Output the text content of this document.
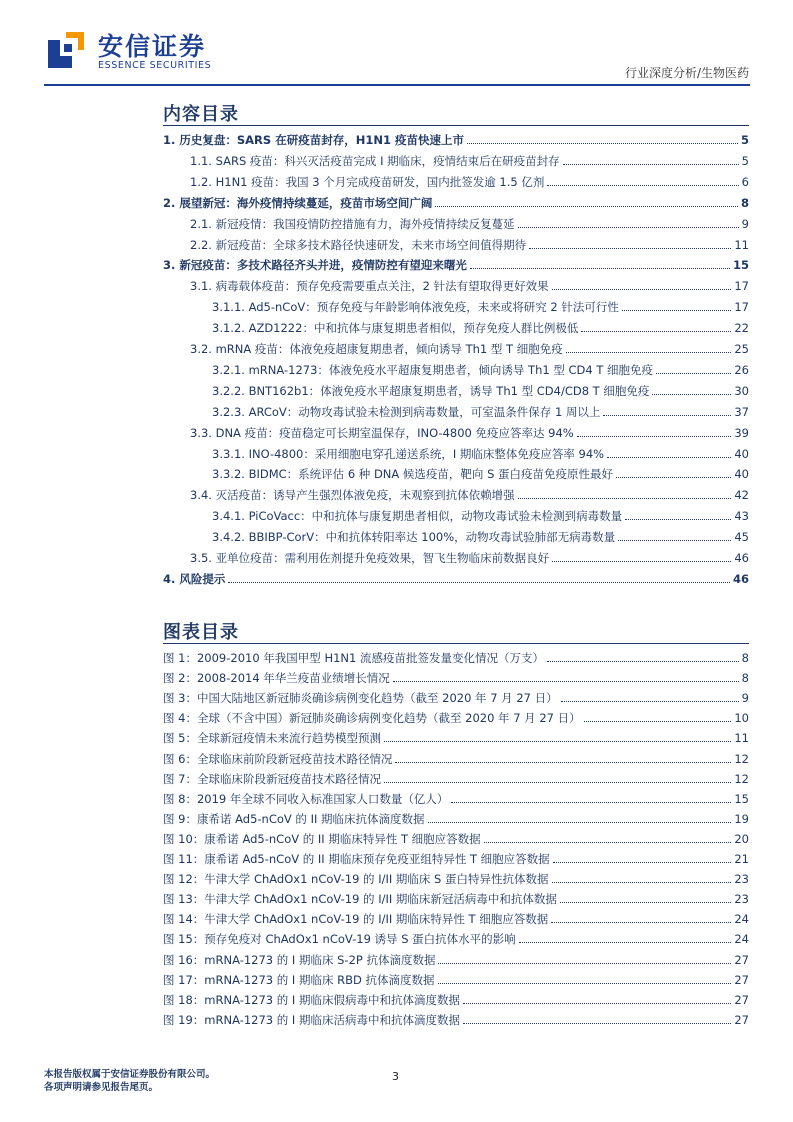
安信证券
ESSENCE SECURITIES
行业深度分析/生物医药
内容目录
1. 历史复盘：SARS 在研疫苗封存，H1N1 疫苗快速上市	5
1.1. SARS 疫苗：科兴灭活疫苗完成 I 期临床，疫情结束后在研疫苗封存	5
1.2. H1N1 疫苗：我国 3 个月完成疫苗研发，国内批签发逾 1.5 亿剂	6
2. 展望新冠：海外疫情持续蔓延，疫苗市场空间广阔	8
2.1. 新冠疫情：我国疫情防控措施有力，海外疫情持续反复蔓延	9
2.2. 新冠疫苗：全球多技术路径快速研发，未来市场空间值得期待	11
3. 新冠疫苗：多技术路径齐头并进，疫情防控有望迎来曙光	15
3.1. 病毒载体疫苗：预存免疫需要重点关注，2 针法有望取得更好效果	17
3.1.1. Ad5-nCoV：预存免疫与年龄影响体液免疫，未来或将研究 2 针法可行性	17
3.1.2. AZD1222：中和抗体与康复期患者相似，预存免疫人群比例极低	22
3.2. mRNA 疫苗：体液免疫超康复期患者，倾向诱导 Th1 型 T 细胞免疫	25
3.2.1. mRNA-1273：体液免疫水平超康复期患者，倾向诱导 Th1 型 CD4 T 细胞免疫	26
3.2.2. BNT162b1：体液免疫水平超康复期患者，诱导 Th1 型 CD4/CD8 T 细胞免疫	30
3.2.3. ARCoV：动物攻毒试验未检测到病毒数量，可室温条件保存 1 周以上	37
3.3. DNA 疫苗：疫苗稳定可长期室温保存，INO-4800 免疫应答率达 94%	39
3.3.1. INO-4800：采用细胞电穿孔递送系统，I 期临床整体免疫应答率 94%	40
3.3.2. BIDMC：系统评估 6 种 DNA 候选疫苗，靶向 S 蛋白疫苗免疫原性最好	40
3.4. 灭活疫苗：诱导产生强烈体液免疫，未观察到抗体依赖增强	42
3.4.1. PiCoVacc：中和抗体与康复期患者相似，动物攻毒试验未检测到病毒数量	43
3.4.2. BBIBP-CorV：中和抗体转阳率达 100%，动物攻毒试验肺部无病毒数量	45
3.5. 亚单位疫苗：需利用佐剂提升免疫效果，智飞生物临床前数据良好	46
4. 风险提示	46
图表目录
图 1：2009-2010 年我国甲型 H1N1 流感疫苗批签发量变化情况（万支）	8
图 2：2008-2014 年华兰疫苗业绩增长情况	8
图 3：中国大陆地区新冠肺炎确诊病例变化趋势（截至 2020 年 7 月 27 日）	9
图 4：全球（不含中国）新冠肺炎确诊病例变化趋势（截至 2020 年 7 月 27 日）	10
图 5：全球新冠疫情未来流行趋势模型预测	11
图 6：全球临床前阶段新冠疫苗技术路径情况	12
图 7：全球临床阶段新冠疫苗技术路径情况	12
图 8：2019 年全球不同收入标准国家人口数量（亿人）	15
图 9：康希诺 Ad5-nCoV 的 II 期临床抗体滴度数据	19
图 10：康希诺 Ad5-nCoV 的 II 期临床特异性 T 细胞应答数据	20
图 11：康希诺 Ad5-nCoV 的 II 期临床预存免疫亚组特异性 T 细胞应答数据	21
图 12：牛津大学 ChAdOx1 nCoV-19 的 I/II 期临床 S 蛋白特异性抗体数据	23
图 13：牛津大学 ChAdOx1 nCoV-19 的 I/II 期临床新冠活病毒中和抗体数据	23
图 14：牛津大学 ChAdOx1 nCoV-19 的 I/II 期临床特异性 T 细胞应答数据	24
图 15：预存免疫对 ChAdOx1 nCoV-19 诱导 S 蛋白抗体水平的影响	24
图 16：mRNA-1273 的 I 期临床 S-2P 抗体滴度数据	27
图 17：mRNA-1273 的 I 期临床 RBD 抗体滴度数据	27
图 18：mRNA-1273 的 I 期临床假病毒中和抗体滴度数据	27
图 19：mRNA-1273 的 I 期临床活病毒中和抗体滴度数据	27
本报告版权属于安信证券股份有限公司。
各项声明请参见报告尾页。
3
